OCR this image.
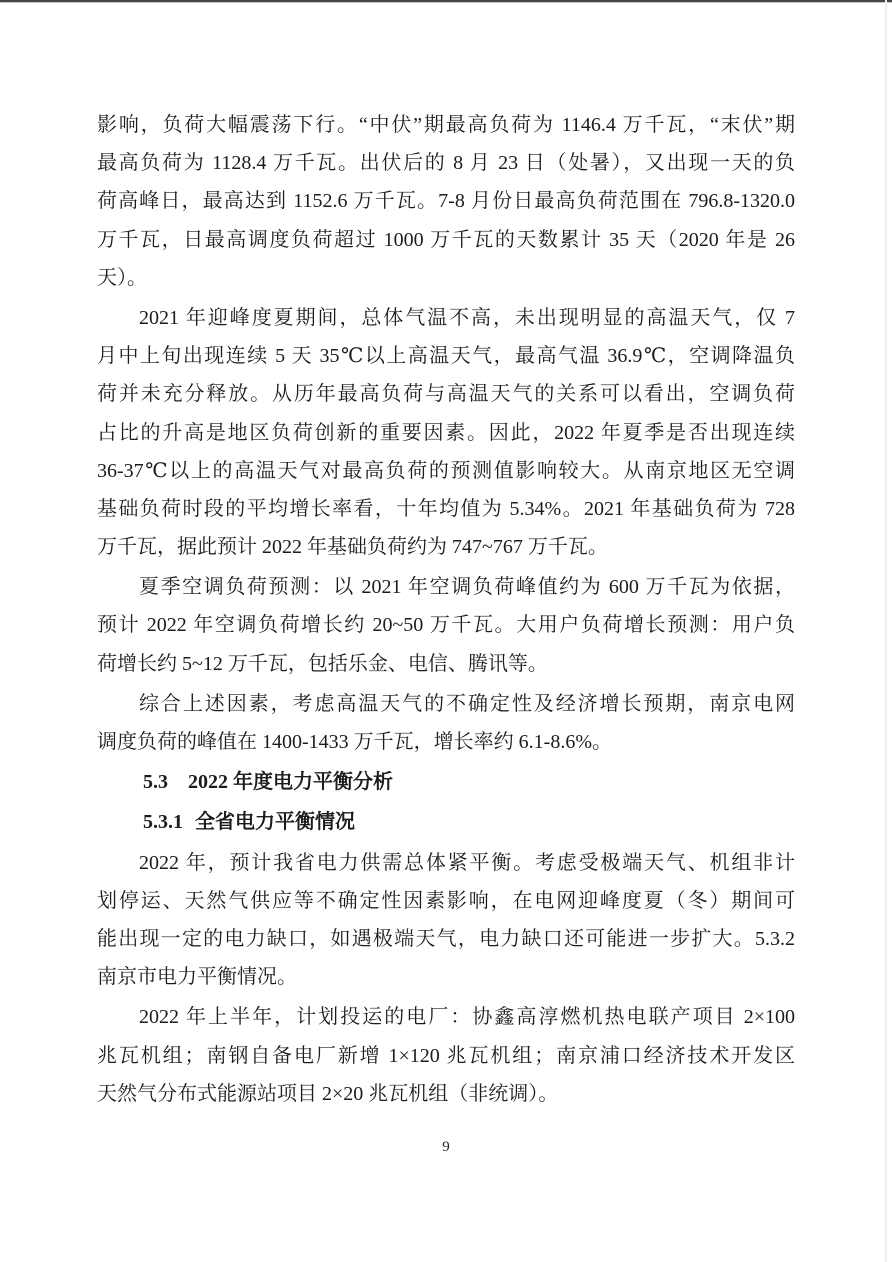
影响，负荷大幅震荡下行。“中伏”期最高负荷为 1146.4 万千瓦，“末伏”期
最高负荷为 1128.4 万千瓦。出伏后的 8 月 23 日（处暑），又出现一天的负
荷高峰日，最高达到 1152.6 万千瓦。7-8 月份日最高负荷范围在 796.8-1320.0
万千瓦，日最高调度负荷超过 1000 万千瓦的天数累计 35 天（2020 年是 26
天）。
2021 年迎峰度夏期间，总体气温不高，未出现明显的高温天气，仅 7
月中上旬出现连续 5 天 35℃以上高温天气，最高气温 36.9℃，空调降温负
荷并未充分释放。从历年最高负荷与高温天气的关系可以看出，空调负荷
占比的升高是地区负荷创新的重要因素。因此，2022 年夏季是否出现连续
36-37℃以上的高温天气对最高负荷的预测值影响较大。从南京地区无空调
基础负荷时段的平均增长率看，十年均值为 5.34%。2021 年基础负荷为 728
万千瓦，据此预计 2022 年基础负荷约为 747~767 万千瓦。
夏季空调负荷预测：以 2021 年空调负荷峰值约为 600 万千瓦为依据，
预计 2022 年空调负荷增长约 20~50 万千瓦。大用户负荷增长预测：用户负
荷增长约 5~12 万千瓦，包括乐金、电信、腾讯等。
综合上述因素，考虑高温天气的不确定性及经济增长预期，南京电网
调度负荷的峰值在 1400-1433 万千瓦，增长率约 6.1-8.6%。
5.3 2022 年度电力平衡分析
5.3.1 全省电力平衡情况
2022 年，预计我省电力供需总体紧平衡。考虑受极端天气、机组非计
划停运、天然气供应等不确定性因素影响，在电网迎峰度夏（冬）期间可
能出现一定的电力缺口，如遇极端天气，电力缺口还可能进一步扩大。5.3.2
南京市电力平衡情况。
2022 年上半年，计划投运的电厂：协鑫高淳燃机热电联产项目 2×100
兆瓦机组；南钢自备电厂新增 1×120 兆瓦机组；南京浦口经济技术开发区
天然气分布式能源站项目 2×20 兆瓦机组（非统调）。
9
